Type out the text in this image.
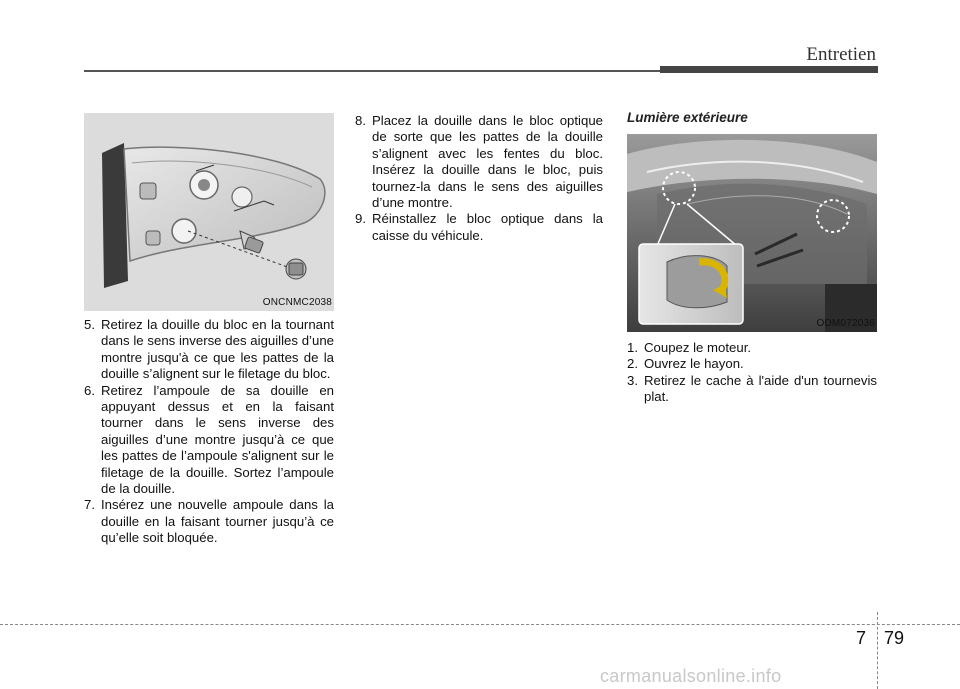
Entretien
ONCNMC2038
5. Retirez la douille du bloc en la tournant dans le sens inverse des aiguilles d’une montre jusqu'à ce que les pattes de la douille s’alignent sur le filetage du bloc.
6. Retirez l’ampoule de sa douille en appuyant dessus et en la faisant tourner dans le sens inverse des aiguilles d’une montre jusqu’à ce que les pattes de l’ampoule s'alignent sur le filetage de la douille. Sortez l’ampoule de la douille.
7. Insérez une nouvelle ampoule dans la douille en la faisant tourner jusqu’à ce qu’elle soit bloquée.
8. Placez la douille dans le bloc optique de sorte que les pattes de la douille s’alignent avec les fentes du bloc. Insérez la douille dans le bloc, puis tournez-la dans le sens des aiguilles d’une montre.
9. Réinstallez le bloc optique dans la caisse du véhicule.
Lumière extérieure
ODM072036
1. Coupez le moteur.
2. Ouvrez le hayon.
3. Retirez le cache à l'aide d'un tournevis plat.
7 79
carmanualsonline.info
